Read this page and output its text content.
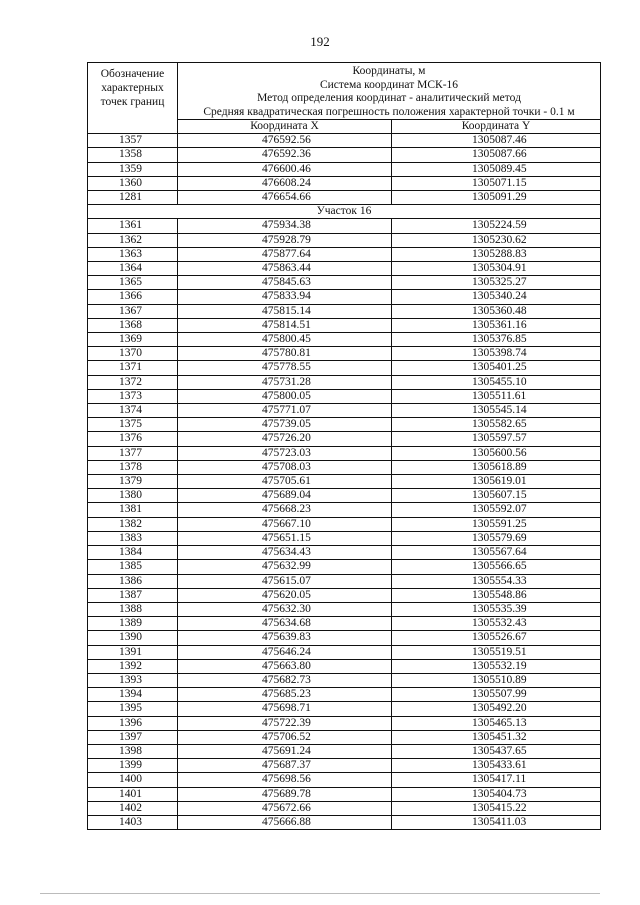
192
Обозначение характерных точек границ	Координаты, м
Система координат МСК-16
Метод определения координат - аналитический метод
Средняя квадратическая погрешность положения характерной точки - 0.1 м	

	Координата X	Координата Y
1357	476592.56	1305087.46
1358	476592.36	1305087.66
1359	476600.46	1305089.45
1360	476608.24	1305071.15
1281	476654.66	1305091.29
Участок 16		
1361	475934.38	1305224.59
1362	475928.79	1305230.62
1363	475877.64	1305288.83
1364	475863.44	1305304.91
1365	475845.63	1305325.27
1366	475833.94	1305340.24
1367	475815.14	1305360.48
1368	475814.51	1305361.16
1369	475800.45	1305376.85
1370	475780.81	1305398.74
1371	475778.55	1305401.25
1372	475731.28	1305455.10
1373	475800.05	1305511.61
1374	475771.07	1305545.14
1375	475739.05	1305582.65
1376	475726.20	1305597.57
1377	475723.03	1305600.56
1378	475708.03	1305618.89
1379	475705.61	1305619.01
1380	475689.04	1305607.15
1381	475668.23	1305592.07
1382	475667.10	1305591.25
1383	475651.15	1305579.69
1384	475634.43	1305567.64
1385	475632.99	1305566.65
1386	475615.07	1305554.33
1387	475620.05	1305548.86
1388	475632.30	1305535.39
1389	475634.68	1305532.43
1390	475639.83	1305526.67
1391	475646.24	1305519.51
1392	475663.80	1305532.19
1393	475682.73	1305510.89
1394	475685.23	1305507.99
1395	475698.71	1305492.20
1396	475722.39	1305465.13
1397	475706.52	1305451.32
1398	475691.24	1305437.65
1399	475687.37	1305433.61
1400	475698.56	1305417.11
1401	475689.78	1305404.73
1402	475672.66	1305415.22
1403	475666.88	1305411.03
